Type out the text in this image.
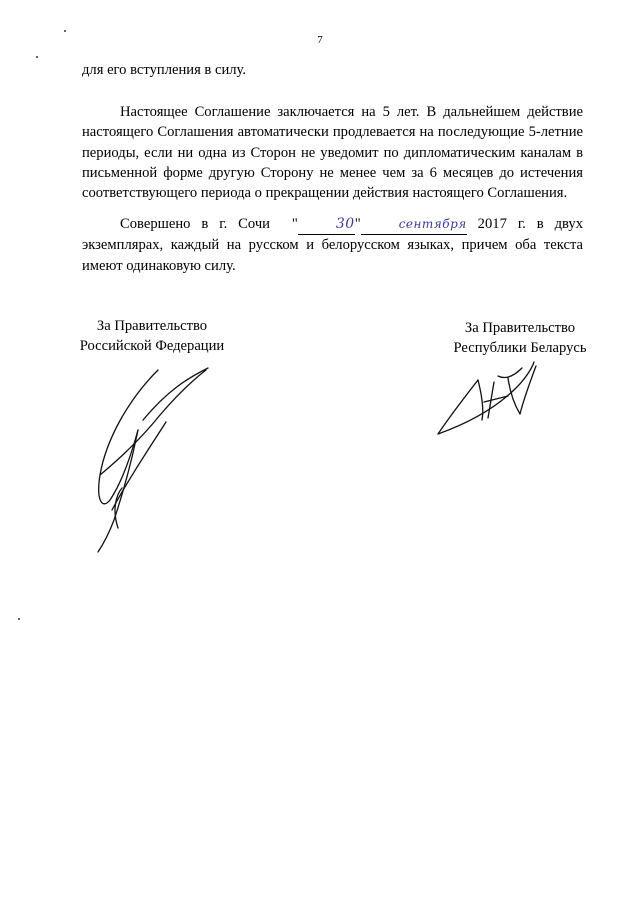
7

для его вступления в силу.

Настоящее Соглашение заключается на 5 лет. В дальнейшем действие настоящего Соглашения автоматически продлевается на последующие 5-летние периоды, если ни одна из Сторон не уведомит по дипломатическим каналам в письменной форме другую Сторону не менее чем за 6 месяцев до истечения соответствующего периода о прекращении действия настоящего Соглашения.

Совершено в г. Сочи "	30"	сентября 2017 г. в двух экземплярах, каждый на русском и белорусском языках, причем оба текста имеют одинаковую силу.

За Правительство
Российской Федерации
За Правительство
Республики Беларусь
